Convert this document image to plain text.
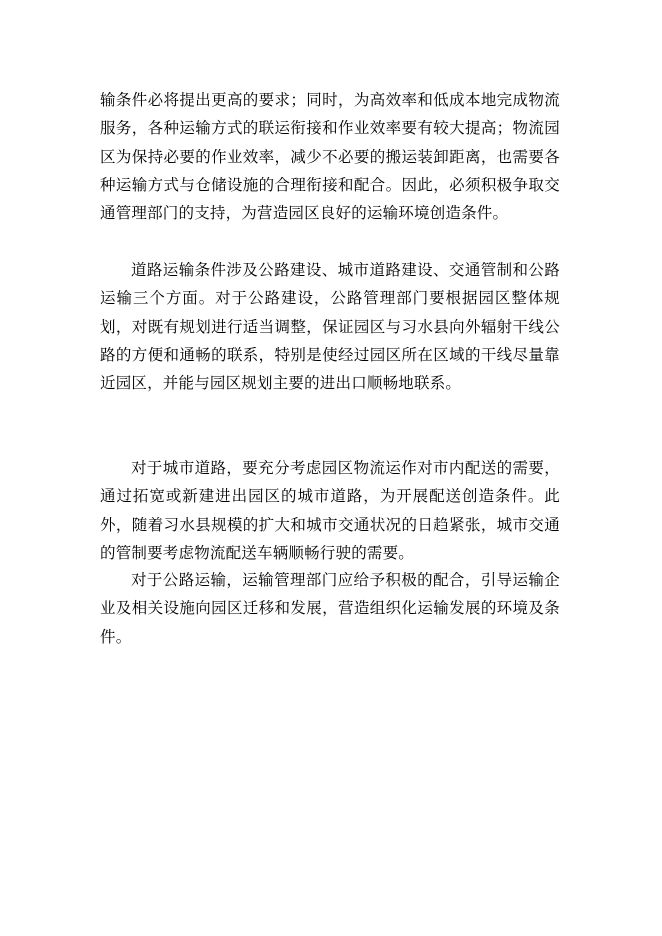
输条件必将提出更高的要求；同时，为高效率和低成本地完成物流服务，各种运输方式的联运衔接和作业效率要有较大提高；物流园区为保持必要的作业效率，减少不必要的搬运装卸距离，也需要各种运输方式与仓储设施的合理衔接和配合。因此，必须积极争取交通管理部门的支持，为营造园区良好的运输环境创造条件。

道路运输条件涉及公路建设、城市道路建设、交通管制和公路运输三个方面。对于公路建设，公路管理部门要根据园区整体规划，对既有规划进行适当调整，保证园区与习水县向外辐射干线公路的方便和通畅的联系，特别是使经过园区所在区域的干线尽量靠近园区，并能与园区规划主要的进出口顺畅地联系。

对于城市道路，要充分考虑园区物流运作对市内配送的需要，通过拓宽或新建进出园区的城市道路，为开展配送创造条件。此外，随着习水县规模的扩大和城市交通状况的日趋紧张，城市交通的管制要考虑物流配送车辆顺畅行驶的需要。

对于公路运输，运输管理部门应给予积极的配合，引导运输企业及相关设施向园区迁移和发展，营造组织化运输发展的环境及条件。
